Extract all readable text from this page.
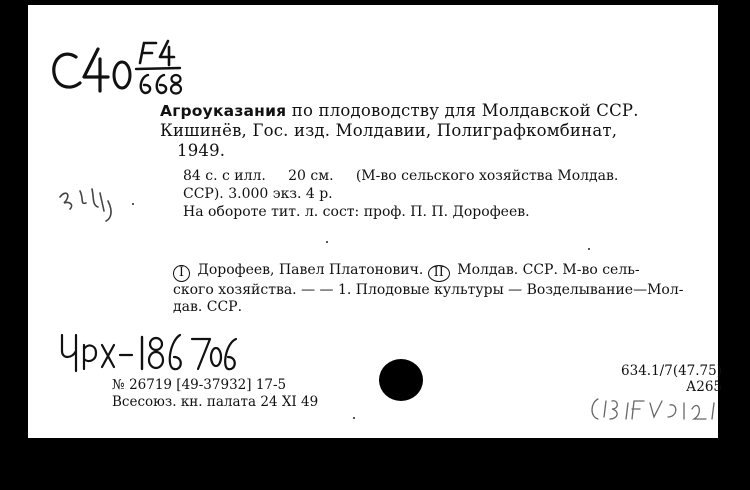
Агроуказания по плодоводству для Молдавской ССР.
Кишинёв, Гос. изд. Молдавии, Полиграфкомбинат,
1949.
84 с. с илл.     20 см.     (М-во сельского хозяйства Молдав.
ССР). 3.000 экз. 4 р.
На обороте тит. л. сост: проф. П. П. Дорофеев.
I Дорофеев, Павел Платонович. II Молдав. ССР. М-во сель-
ского хозяйства. — — 1. Плодовые культуры — Возделывание—Мол-
дав. ССР.
№ 26719 [49-37932] 17-5
Всесоюз. кн. палата 24 XI 49
634.1/7(47.75)
А265
